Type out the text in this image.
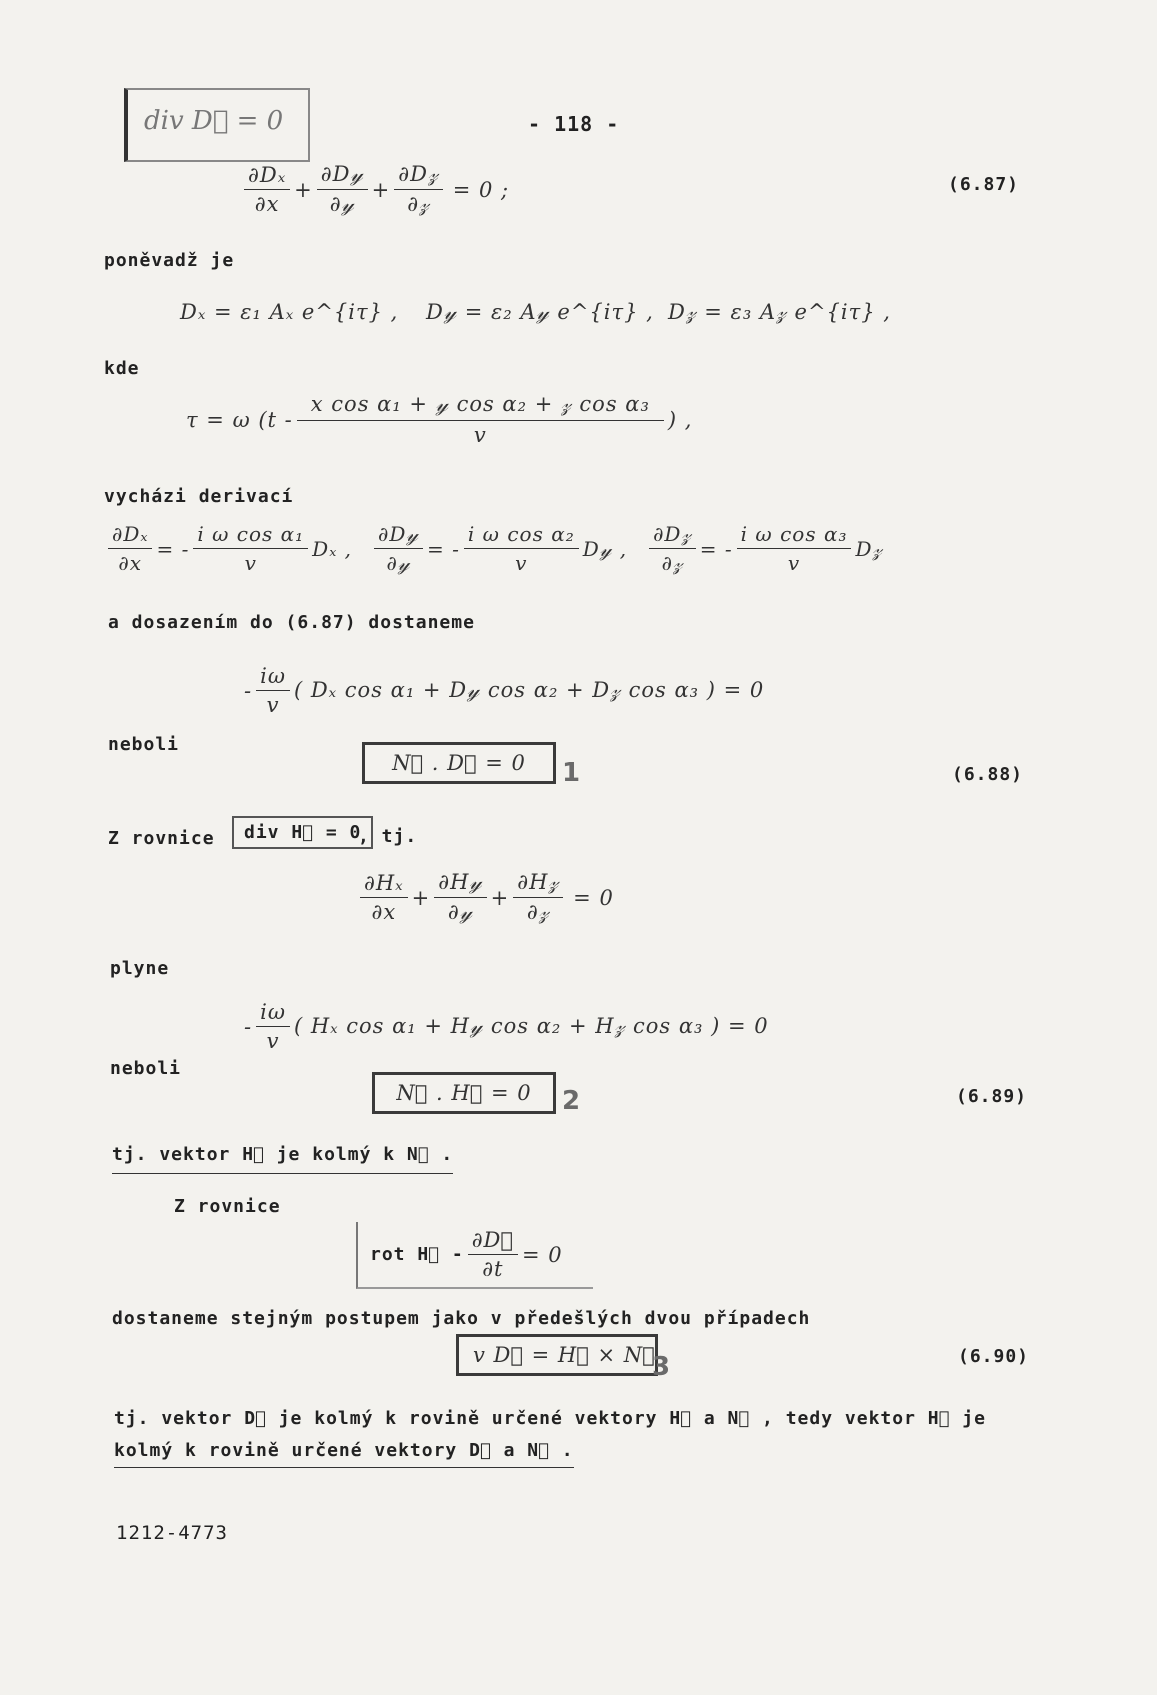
div D⃗ = 0	- 118 -
$\frac{\text{∂Dₓ}}{\partial x} + \frac{\text{∂D𝓎}}{\text{∂𝓎}} + \frac{\text{∂D𝓏}}{\text{∂𝓏}} = 0$ ;	(6.87)
poněvadž je
Dₓ = ε₁ Aₓ e^{iτ} , D𝓎 = ε₂ A𝓎 e^{iτ} , D𝓏 = ε₃ A𝓏 e^{iτ} ,
kde
τ = ω ($t - \frac{\text{x cos α₁ + 𝓎 cos α₂ + 𝓏 cos α₃}}{v}$ ) ,
vycházi derivací
$\frac{\text{∂Dₓ}}{\partial x}$ = - $\frac{\text{i ω cos α₁}}{v}$ Dₓ , $\frac{\text{∂D𝓎}}{\text{∂𝓎}}$ = - $\frac{\text{i ω cos α₂}}{v}$ D𝓎 , $\frac{\text{∂D𝓏}}{\text{∂𝓏}}$ = - $\frac{\text{i ω cos α₃}}{v}$ D𝓏
a dosazením do (6.87) dostaneme
- $\frac{i\omega}{v}$ ( Dₓ cos α₁ + D𝓎 cos α₂ + D𝓏 cos α₃ ) = 0
neboli
N⃗ . D⃗ = 0	1	(6.88)
Z rovnice	div H⃗ = 0
, tj.
$\frac{\text{∂Hₓ}}{\partial x} + \frac{\text{∂H𝓎}}{\text{∂𝓎}} + \frac{\text{∂H𝓏}}{\text{∂𝓏}} = 0$
plyne
- $\frac{i\omega}{v}$ ( Hₓ cos α₁ + H𝓎 cos α₂ + H𝓏 cos α₃ ) = 0
neboli
N⃗ . H⃗ = 0	2	(6.89)
tj. vektor H⃗ je kolmý k N⃗ .
Z rovnice
rot H⃗ - $\frac{\partial D⃗}{\partial t} = 0$
dostaneme stejným postupem jako v předešlých dvou případech
v D⃗ = H⃗ × N⃗
3	(6.90)
tj. vektor D⃗ je kolmý k rovině určené vektory H⃗ a N⃗ , tedy vektor H⃗ je
kolmý k rovině určené vektory D⃗ a N⃗ .
1212-4773
